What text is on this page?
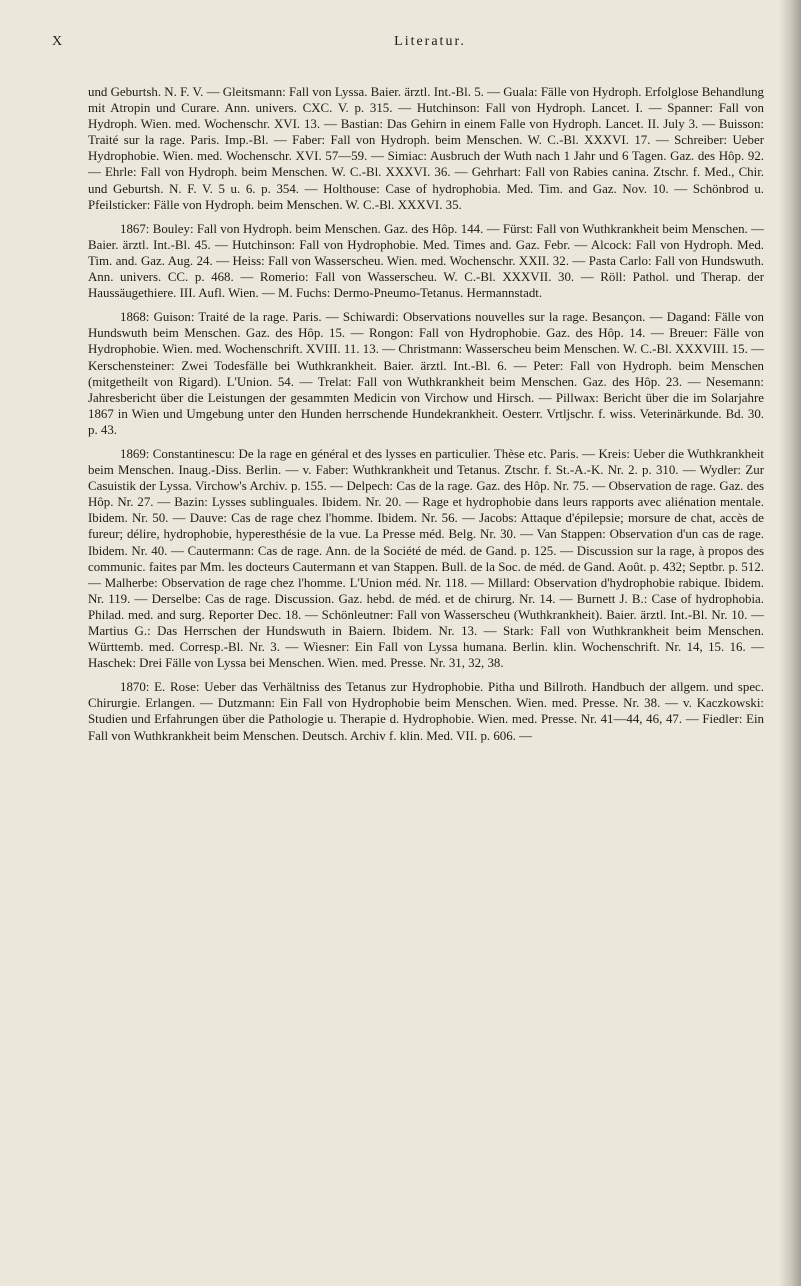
X	Literatur.

und Geburtsh. N. F. V. — Gleitsmann: Fall von Lyssa. Baier. ärztl. Int.-Bl. 5. — Guala: Fälle von Hydroph. Erfolglose Behandlung mit Atropin und Curare. Ann. univers. CXC. V. p. 315. — Hutchinson: Fall von Hydroph. Lancet. I. — Spanner: Fall von Hydroph. Wien. med. Wochenschr. XVI. 13. — Bastian: Das Gehirn in einem Falle von Hydroph. Lancet. II. July 3. — Buisson: Traité sur la rage. Paris. Imp.-Bl. — Faber: Fall von Hydroph. beim Menschen. W. C.-Bl. XXXVI. 17. — Schreiber: Ueber Hydrophobie. Wien. med. Wochenschr. XVI. 57—59. — Simiac: Ausbruch der Wuth nach 1 Jahr und 6 Tagen. Gaz. des Hôp. 92. — Ehrle: Fall von Hydroph. beim Menschen. W. C.-Bl. XXXVI. 36. — Gehrhart: Fall von Rabies canina. Ztschr. f. Med., Chir. und Geburtsh. N. F. V. 5 u. 6. p. 354. — Holthouse: Case of hydrophobia. Med. Tim. and Gaz. Nov. 10. — Schönbrod u. Pfeilsticker: Fälle von Hydroph. beim Menschen. W. C.-Bl. XXXVI. 35.

1867: Bouley: Fall von Hydroph. beim Menschen. Gaz. des Hôp. 144. — Fürst: Fall von Wuthkrankheit beim Menschen. — Baier. ärztl. Int.-Bl. 45. — Hutchinson: Fall von Hydrophobie. Med. Times and. Gaz. Febr. — Alcock: Fall von Hydroph. Med. Tim. and. Gaz. Aug. 24. — Heiss: Fall von Wasserscheu. Wien. med. Wochenschr. XXII. 32. — Pasta Carlo: Fall von Hundswuth. Ann. univers. CC. p. 468. — Romerio: Fall von Wasserscheu. W. C.-Bl. XXXVII. 30. — Röll: Pathol. und Therap. der Haussäugethiere. III. Aufl. Wien. — M. Fuchs: Dermo-Pneumo-Tetanus. Hermannstadt.

1868: Guison: Traité de la rage. Paris. — Schiwardi: Observations nouvelles sur la rage. Besançon. — Dagand: Fälle von Hundswuth beim Menschen. Gaz. des Hôp. 15. — Rongon: Fall von Hydrophobie. Gaz. des Hôp. 14. — Breuer: Fälle von Hydrophobie. Wien. med. Wochenschrift. XVIII. 11. 13. — Christmann: Wasserscheu beim Menschen. W. C.-Bl. XXXVIII. 15. — Kerschensteiner: Zwei Todesfälle bei Wuthkrankheit. Baier. ärztl. Int.-Bl. 6. — Peter: Fall von Hydroph. beim Menschen (mitgetheilt von Rigard). L'Union. 54. — Trelat: Fall von Wuthkrankheit beim Menschen. Gaz. des Hôp. 23. — Nesemann: Jahresbericht über die Leistungen der gesammten Medicin von Virchow und Hirsch. — Pillwax: Bericht über die im Solarjahre 1867 in Wien und Umgebung unter den Hunden herrschende Hundekrankheit. Oesterr. Vrtljschr. f. wiss. Veterinärkunde. Bd. 30. p. 43.

1869: Constantinescu: De la rage en général et des lysses en particulier. Thèse etc. Paris. — Kreis: Ueber die Wuthkrankheit beim Menschen. Inaug.-Diss. Berlin. — v. Faber: Wuthkrankheit und Tetanus. Ztschr. f. St.-A.-K. Nr. 2. p. 310. — Wydler: Zur Casuistik der Lyssa. Virchow's Archiv. p. 155. — Delpech: Cas de la rage. Gaz. des Hôp. Nr. 75. — Observation de rage. Gaz. des Hôp. Nr. 27. — Bazin: Lysses sublinguales. Ibidem. Nr. 20. — Rage et hydrophobie dans leurs rapports avec aliénation mentale. Ibidem. Nr. 50. — Dauve: Cas de rage chez l'homme. Ibidem. Nr. 56. — Jacobs: Attaque d'épilepsie; morsure de chat, accès de fureur; délire, hydrophobie, hyperesthésie de la vue. La Presse méd. Belg. Nr. 30. — Van Stappen: Observation d'un cas de rage. Ibidem. Nr. 40. — Cautermann: Cas de rage. Ann. de la Société de méd. de Gand. p. 125. — Discussion sur la rage, à propos des communic. faites par Mm. les docteurs Cautermann et van Stappen. Bull. de la Soc. de méd. de Gand. Août. p. 432; Septbr. p. 512. — Malherbe: Observation de rage chez l'homme. L'Union méd. Nr. 118. — Millard: Observation d'hydrophobie rabique. Ibidem. Nr. 119. — Derselbe: Cas de rage. Discussion. Gaz. hebd. de méd. et de chirurg. Nr. 14. — Burnett J. B.: Case of hydrophobia. Philad. med. and surg. Reporter Dec. 18. — Schönleutner: Fall von Wasserscheu (Wuthkrankheit). Baier. ärztl. Int.-Bl. Nr. 10. — Martius G.: Das Herrschen der Hundswuth in Baiern. Ibidem. Nr. 13. — Stark: Fall von Wuthkrankheit beim Menschen. Württemb. med. Corresp.-Bl. Nr. 3. — Wiesner: Ein Fall von Lyssa humana. Berlin. klin. Wochenschrift. Nr. 14, 15. 16. — Haschek: Drei Fälle von Lyssa bei Menschen. Wien. med. Presse. Nr. 31, 32, 38.

1870: E. Rose: Ueber das Verhältniss des Tetanus zur Hydrophobie. Pitha und Billroth. Handbuch der allgem. und spec. Chirurgie. Erlangen. — Dutzmann: Ein Fall von Hydrophobie beim Menschen. Wien. med. Presse. Nr. 38. — v. Kaczkowski: Studien und Erfahrungen über die Pathologie u. Therapie d. Hydrophobie. Wien. med. Presse. Nr. 41—44, 46, 47. — Fiedler: Ein Fall von Wuthkrankheit beim Menschen. Deutsch. Archiv f. klin. Med. VII. p. 606. —
